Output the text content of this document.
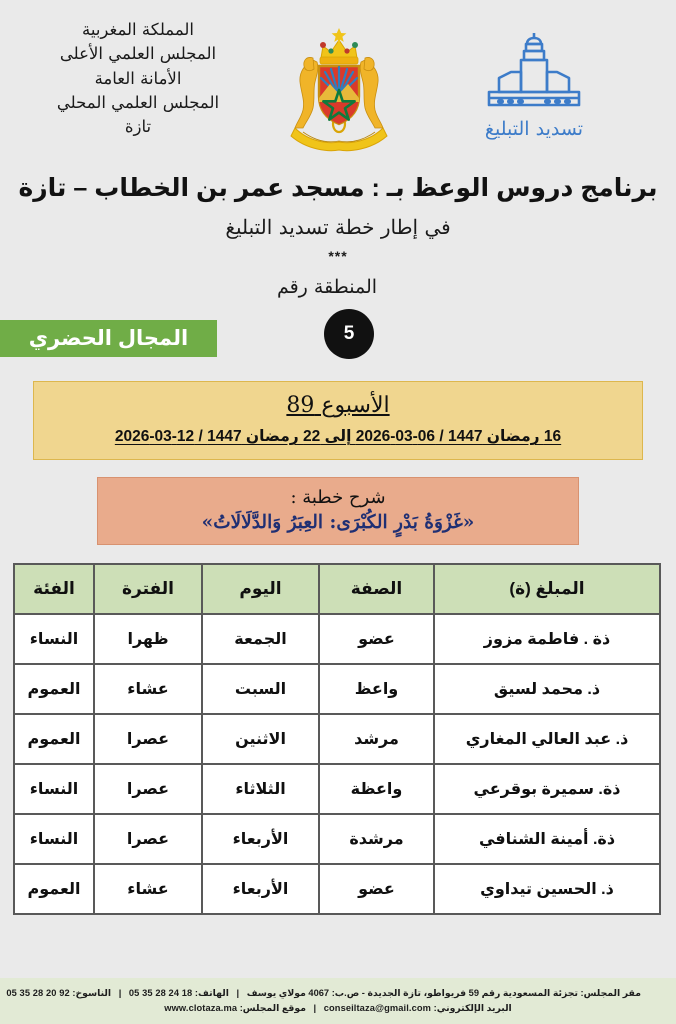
المملكة المغربية
المجلس العلمي الأعلى
الأمانة العامة
المجلس العلمي المحلي
تازة	تسديد التبليغ
برنامج دروس الوعظ بـ : مسجد عمر بن الخطاب – تازة
في إطار خطة تسديد التبليغ
***
المنطقة رقم
5
المجال الحضري
الأسبوع 89
16 رمضان 1447 / 06-03-2026 إلى 22 رمضان 1447 / 12-03-2026
شرح خطبة :
«غَزْوَةُ بَدْرٍ الكُبْرَى: العِبَرُ وَالدَّلَالَاتُ»
المبلغ (ة)	الصفة	اليوم	الفترة	الفئة
ذة . فاطمة مزوز	عضو	الجمعة	ظهرا	النساء
ذ. محمد لسيق	واعظ	السبت	عشاء	العموم
ذ. عبد العالي المغاري	مرشد	الاثنين	عصرا	العموم
ذة. سميرة بوقرعي	واعظة	الثلاثاء	عصرا	النساء
ذة. أمينة الشنافي	مرشدة	الأربعاء	عصرا	النساء
ذ. الحسين تيداوي	عضو	الأربعاء	عشاء	العموم
مقر المجلس: تجزئة المسعودية رقم 59 فريواطو، تازة الجديدة - ص.ب: 4067 مولاي يوسف | الهاتف: 05 35 28 24 18 | الناسوخ: 05 35 28 20 92
البريد الإلكتروني: conseiltaza@gmail.com | موقع المجلس: www.clotaza.ma
